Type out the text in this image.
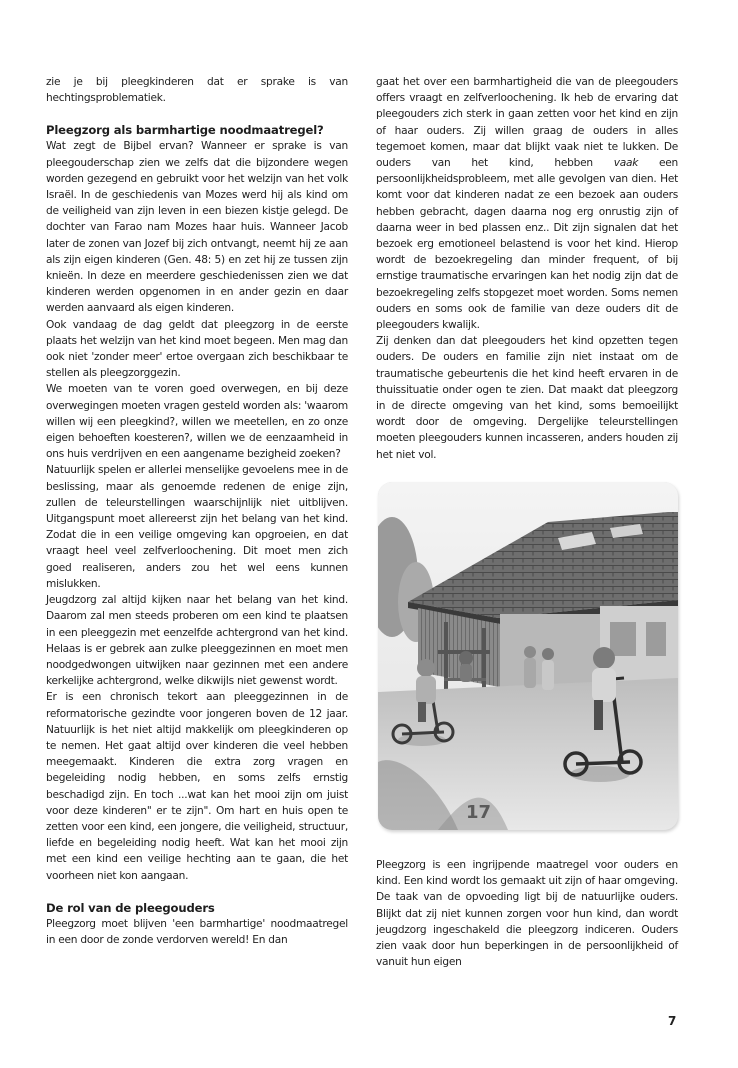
zie je bij pleegkinderen dat er sprake is van hechtingsproblematiek.

Pleegzorg als barmhartige noodmaatregel?

Wat zegt de Bijbel ervan? Wanneer er sprake is van pleegouderschap zien we zelfs dat die bijzondere wegen worden gezegend en gebruikt voor het welzijn van het volk Israël. In de geschiedenis van Mozes werd hij als kind om de veiligheid van zijn leven in een biezen kistje gelegd. De dochter van Farao nam Mozes haar huis. Wanneer Jacob later de zonen van Jozef bij zich ontvangt, neemt hij ze aan als zijn eigen kinderen (Gen. 48: 5) en zet hij ze tussen zijn knieën. In deze en meerdere geschiedenissen zien we dat kinderen werden opgenomen in en ander gezin en daar werden aanvaard als eigen kinderen.

Ook vandaag de dag geldt dat pleegzorg in de eerste plaats het welzijn van het kind moet begeen. Men mag dan ook niet 'zonder meer' ertoe overgaan zich beschikbaar te stellen als pleegzorggezin.

We moeten van te voren goed overwegen, en bij deze overwegingen moeten vragen gesteld worden als: 'waarom willen wij een pleegkind?, willen we meetellen, en zo onze eigen behoeften koesteren?, willen we de eenzaamheid in ons huis verdrijven en een aangename bezigheid zoeken?

Natuurlijk spelen er allerlei menselijke gevoelens mee in de beslissing, maar als genoemde redenen de enige zijn, zullen de teleurstellingen waarschijnlijk niet uitblijven. Uitgangspunt moet allereerst zijn het belang van het kind. Zodat die in een veilige omgeving kan opgroeien, en dat vraagt heel veel zelfverloochening. Dit moet men zich goed realiseren, anders zou het wel eens kunnen mislukken.

Jeugdzorg zal altijd kijken naar het belang van het kind. Daarom zal men steeds proberen om een kind te plaatsen in een pleeggezin met eenzelfde achtergrond van het kind. Helaas is er gebrek aan zulke pleeggezinnen en moet men noodgedwongen uitwijken naar gezinnen met een andere kerkelijke achtergrond, welke dikwijls niet gewenst wordt.

Er is een chronisch tekort aan pleeggezinnen in de reformatorische gezindte voor jongeren boven de 12 jaar. Natuurlijk is het niet altijd makkelijk om pleegkinderen op te nemen. Het gaat altijd over kinderen die veel hebben meegemaakt. Kinderen die extra zorg vragen en begeleiding nodig hebben, en soms zelfs ernstig beschadigd zijn. En toch ...wat kan het mooi zijn om juist voor deze kinderen" er te zijn". Om hart en huis open te zetten voor een kind, een jongere, die veiligheid, structuur, liefde en begeleiding nodig heeft. Wat kan het mooi zijn met een kind een veilige hechting aan te gaan, die het voorheen niet kon aangaan.

De rol van de pleegouders

Pleegzorg moet blijven 'een barmhartige' noodmaatregel in een door de zonde verdorven wereld! En dan

gaat het over een barmhartigheid die van de pleegouders offers vraagt en zelfverloochening. Ik heb de ervaring dat pleegouders zich sterk in gaan zetten voor het kind en zijn of haar ouders. Zij willen graag de ouders in alles tegemoet komen, maar dat blijkt vaak niet te lukken. De ouders van het kind, hebben vaak een persoonlijkheidsprobleem, met alle gevolgen van dien. Het komt voor dat kinderen nadat ze een bezoek aan ouders hebben gebracht, dagen daarna nog erg onrustig zijn of daarna weer in bed plassen enz.. Dit zijn signalen dat het bezoek erg emotioneel belastend is voor het kind. Hierop wordt de bezoekregeling dan minder frequent, of bij ernstige traumatische ervaringen kan het nodig zijn dat de bezoekregeling zelfs stopgezet moet worden. Soms nemen ouders en soms ook de familie van deze ouders dit de pleegouders kwalijk.

Zij denken dan dat pleegouders het kind opzetten tegen ouders. De ouders en familie zijn niet instaat om de traumatische gebeurtenis die het kind heeft ervaren in de thuissituatie onder ogen te zien. Dat maakt dat pleegzorg in de directe omgeving van het kind, soms bemoeilijkt wordt door de omgeving. Dergelijke teleurstellingen moeten pleegouders kunnen incasseren, anders houden zij het niet vol.

17

Pleegzorg is een ingrijpende maatregel voor ouders en kind. Een kind wordt los gemaakt uit zijn of haar omgeving. De taak van de opvoeding ligt bij de natuurlijke ouders. Blijkt dat zij niet kunnen zorgen voor hun kind, dan wordt jeugdzorg ingeschakeld die pleegzorg indiceren. Ouders zien vaak door hun beperkingen in de persoonlijkheid of vanuit hun eigen

7
